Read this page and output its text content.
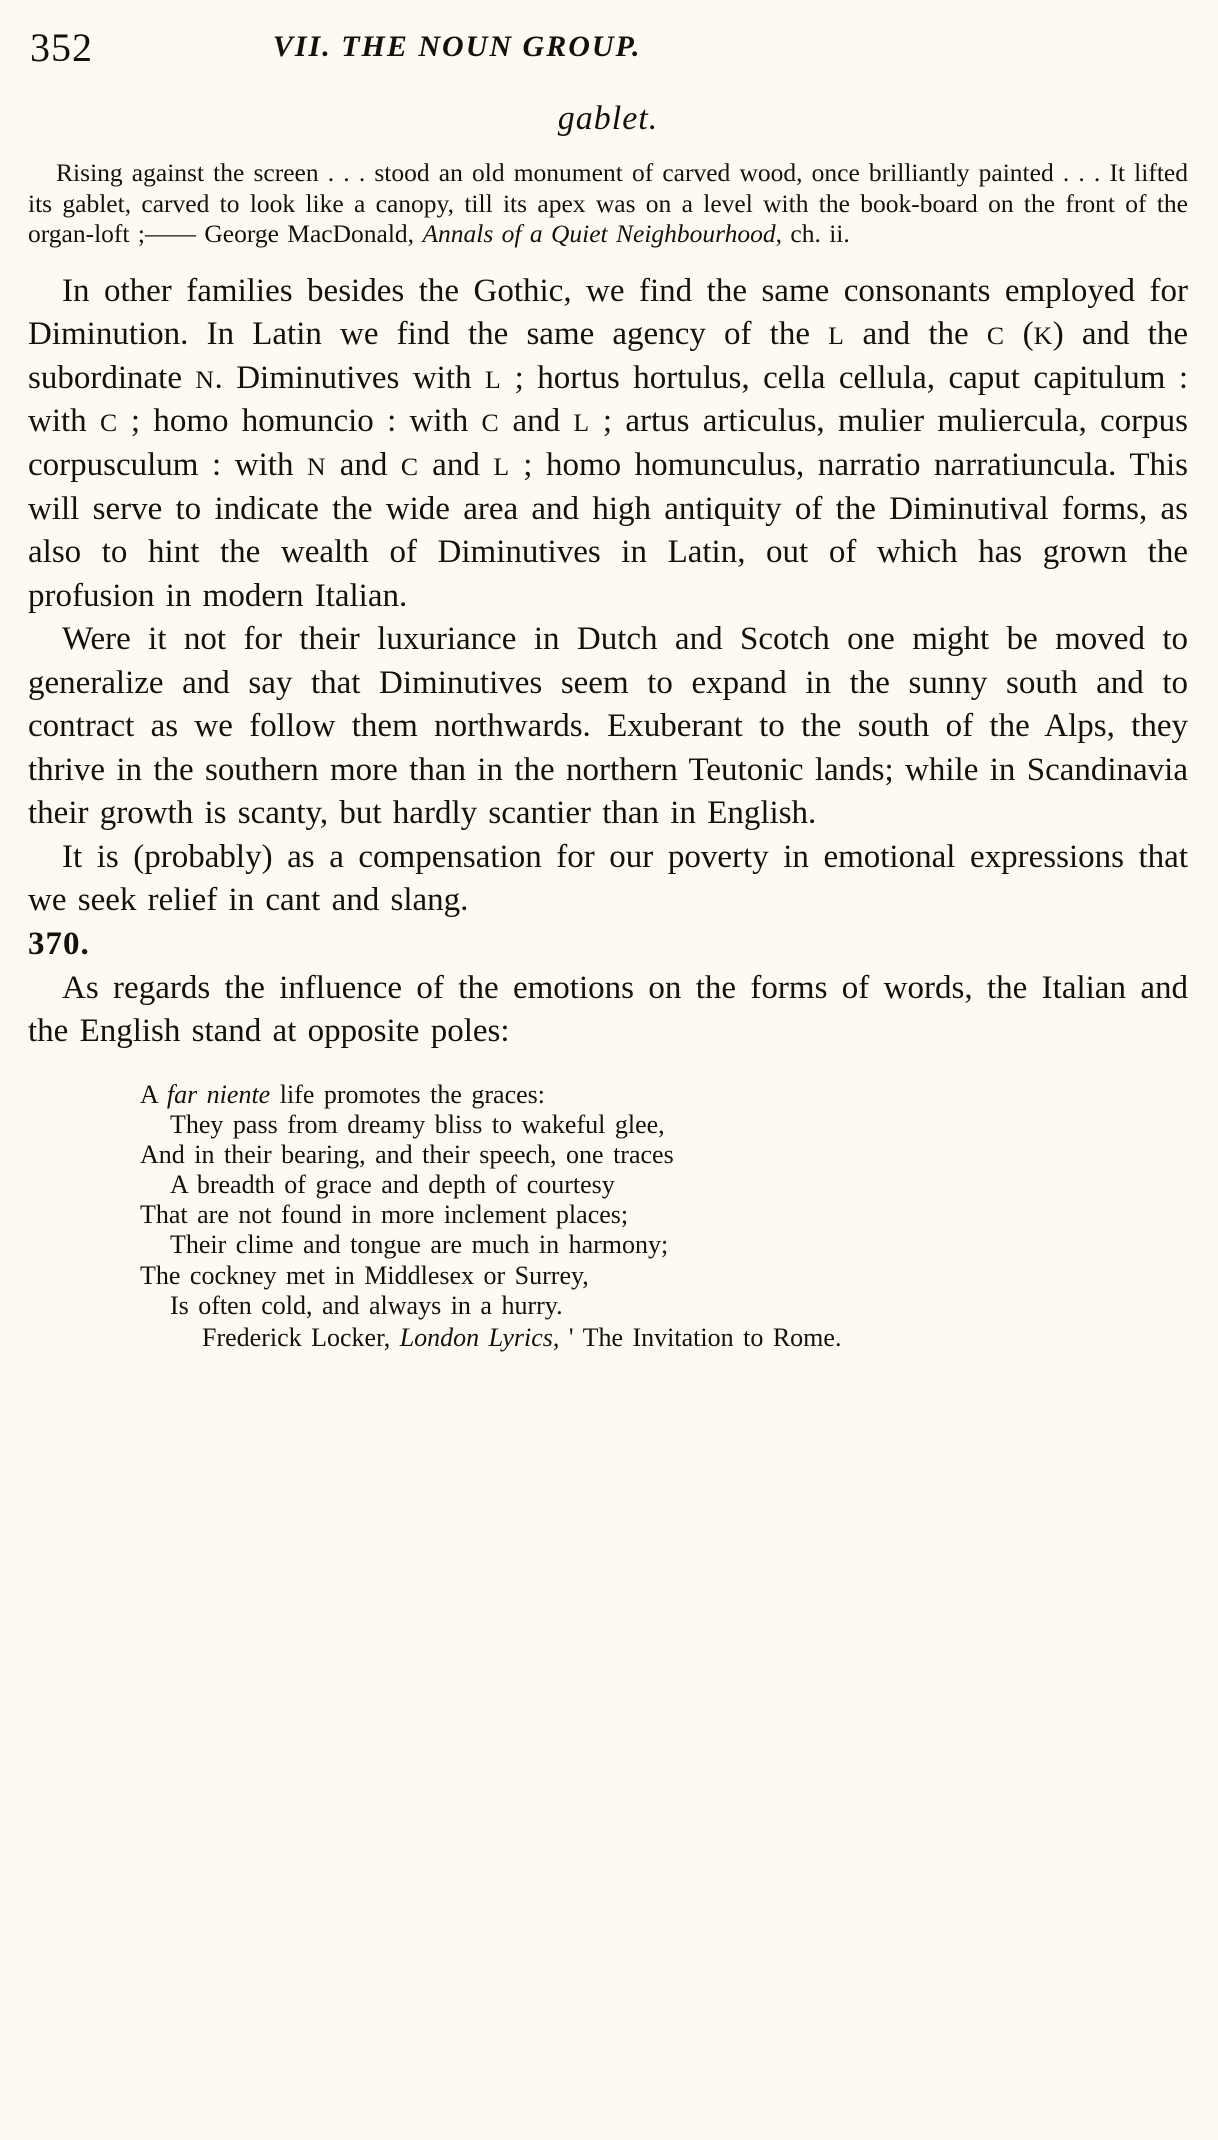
352	VII. THE NOUN GROUP.
gablet.

Rising against the screen . . . stood an old monument of carved wood, once brilliantly painted . . . It lifted its gablet, carved to look like a canopy, till its apex was on a level with the book-board on the front of the organ-loft ;—— George MacDonald, Annals of a Quiet Neighbourhood, ch. ii.

In other families besides the Gothic, we find the same consonants employed for Diminution. In Latin we find the same agency of the L and the C (K) and the subordinate N. Diminutives with L ; hortus hortulus, cella cellula, caput capitulum : with C ; homo homuncio : with C and L ; artus articulus, mulier muliercula, corpus corpusculum : with N and C and L ; homo homunculus, narratio narratiuncula. This will serve to indicate the wide area and high antiquity of the Diminutival forms, as also to hint the wealth of Diminutives in Latin, out of which has grown the profusion in modern Italian.

Were it not for their luxuriance in Dutch and Scotch one might be moved to generalize and say that Diminutives seem to expand in the sunny south and to contract as we follow them northwards. Exuberant to the south of the Alps, they thrive in the southern more than in the northern Teutonic lands; while in Scandinavia their growth is scanty, but hardly scantier than in English.

It is (probably) as a compensation for our poverty in emotional expressions that we seek relief in cant and slang.

370.

As regards the influence of the emotions on the forms of words, the Italian and the English stand at opposite poles:

A far niente life promotes the graces:
They pass from dreamy bliss to wakeful glee,
And in their bearing, and their speech, one traces
A breadth of grace and depth of courtesy
That are not found in more inclement places;
Their clime and tongue are much in harmony;
The cockney met in Middlesex or Surrey,
Is often cold, and always in a hurry.
Frederick Locker, London Lyrics, ' The Invitation to Rome.
